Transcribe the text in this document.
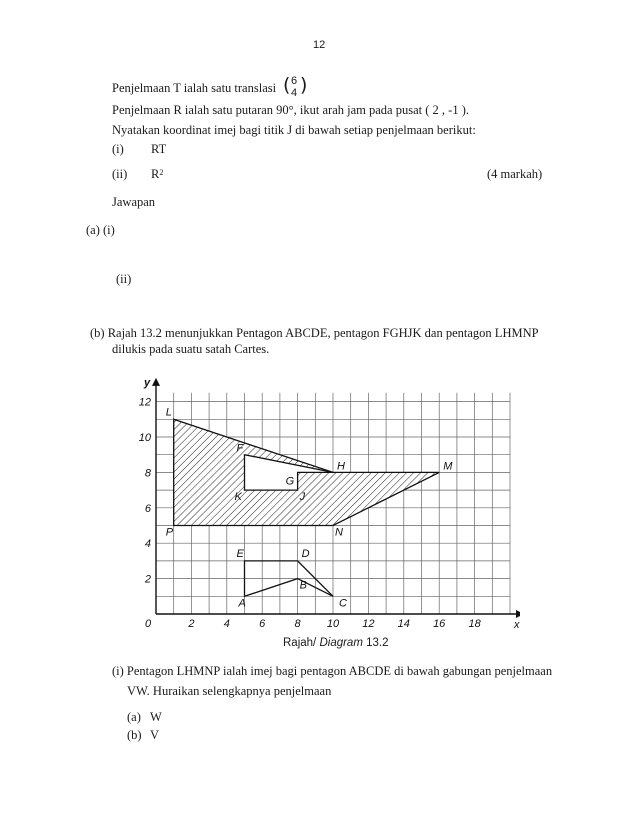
12
Penjelmaan T ialah satu translasi ( 6
4 )
Penjelmaan R ialah satu putaran 90°, ikut arah jam pada pusat ( 2 , -1 ).
Nyatakan koordinat imej bagi titik J di bawah setiap penjelmaan berikut:
(i) RT
(ii) $R^2$	(4 markah)
Jawapan
(a) (i)
(ii)
(b) Rajah 13.2 menunjukkan Pentagon ABCDE, pentagon FGHJK dan pentagon LHMNP
dilukis pada suatu satah Cartes.
2	4	6	8 10 12 14 16 18
2
4
6
8
10
12
0	x
y
A
B
C
D
E
F
G
H
J
K
L
M
N
P
Rajah/ Diagram 13.2
(i) Pentagon LHMNP ialah imej bagi pentagon ABCDE di bawah gabungan penjelmaan
VW. Huraikan selengkapnya penjelmaan
(a) W
(b) V
